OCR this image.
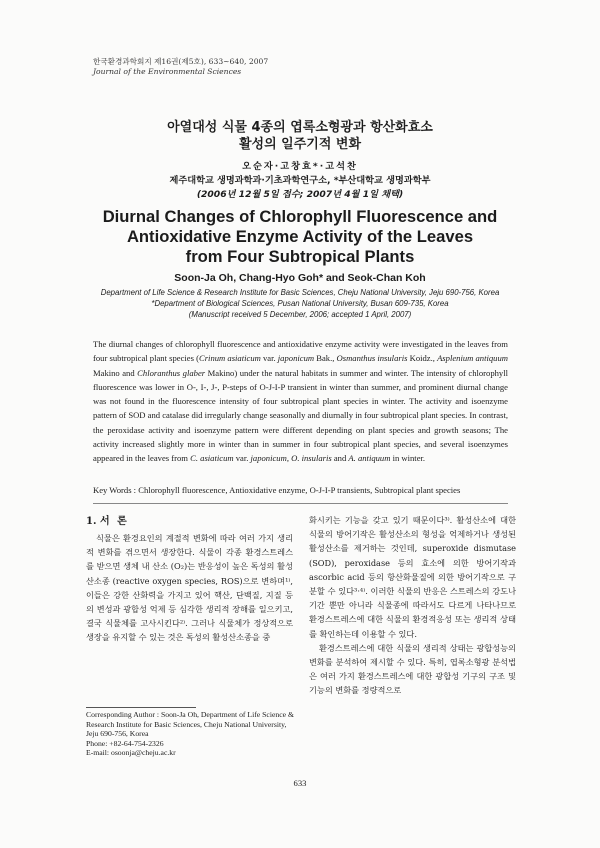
한국환경과학회지 제16권(제5호), 633~640, 2007
Journal of the Environmental Sciences
아열대성 식물 4종의 엽록소형광과 항산화효소
활성의 일주기적 변화
오순자·고창효*·고석찬
제주대학교 생명과학과·기초과학연구소, *부산대학교 생명과학부
(2006년 12월 5일 접수; 2007년 4월 1일 채택)
Diurnal Changes of Chlorophyll Fluorescence and
Antioxidative Enzyme Activity of the Leaves
from Four Subtropical Plants
Soon-Ja Oh, Chang-Hyo Goh* and Seok-Chan Koh
Department of Life Science & Research Institute for Basic Sciences, Cheju National University, Jeju 690-756, Korea
*Department of Biological Sciences, Pusan National University, Busan 609-735, Korea
(Manuscript received 5 December, 2006; accepted 1 April, 2007)
The diurnal changes of chlorophyll fluorescence and antioxidative enzyme activity were investigated in the leaves from four subtropical plant species (Crinum asiaticum var. japonicum Bak., Osmanthus insularis Koidz., Asplenium antiquum Makino and Chloranthus glaber Makino) under the natural habitats in summer and winter. The intensity of chlorophyll fluorescence was lower in O-, I-, J-, P-steps of O-J-I-P transient in winter than summer, and prominent diurnal change was not found in the fluorescence intensity of four subtropical plant species in winter. The activity and isoenzyme pattern of SOD and catalase did irregularly change seasonally and diurnally in four subtropical plant species. In contrast, the peroxidase activity and isoenzyme pattern were different depending on plant species and growth seasons; The activity increased slightly more in winter than in summer in four subtropical plant species, and several isoenzymes appeared in the leaves from C. asiaticum var. japonicum, O. insularis and A. antiquum in winter.
Key Words : Chlorophyll fluorescence, Antioxidative enzyme, O-J-I-P transients, Subtropical plant species
1. 서 론

식물은 환경요인의 계절적 변화에 따라 여러 가지 생리적 변화를 겪으면서 생장한다. 식물이 각종 환경스트레스를 받으면 생체 내 산소 (O₂)는 반응성이 높은 독성의 활성산소종 (reactive oxygen species, ROS)으로 변하며¹⁾, 이들은 강한 산화력을 가지고 있어 핵산, 단백질, 지질 등의 변성과 광합성 억제 등 심각한 생리적 장해를 일으키고, 결국 식물체를 고사시킨다²⁾. 그러나 식물체가 정상적으로 생장을 유지할 수 있는 것은 독성의 활성산소종을 중

화시키는 기능을 갖고 있기 때문이다³⁾. 활성산소에 대한 식물의 방어기작은 활성산소의 형성을 억제하거나 생성된 활성산소를 제거하는 것인데, superoxide dismutase (SOD), peroxidase 등의 효소에 의한 방어기작과 ascorbic acid 등의 항산화물질에 의한 방어기작으로 구분할 수 있다³·⁴⁾. 이러한 식물의 반응은 스트레스의 강도나 기간 뿐만 아니라 식물종에 따라서도 다르게 나타나므로 환경스트레스에 대한 식물의 환경적응성 또는 생리적 상태를 확인하는데 이용할 수 있다.

환경스트레스에 대한 식물의 생리적 상태는 광합성능의 변화를 분석하여 제시할 수 있다. 특히, 엽록소형광 분석법은 여러 가지 환경스트레스에 대한 광합성 기구의 구조 및 기능의 변화를 정량적으로

Corresponding Author : Soon-Ja Oh, Department of Life Science & Research Institute for Basic Sciences, Cheju National University, Jeju 690-756, Korea
Phone: +82-64-754-2326
E-mail: osoonja@cheju.ac.kr
633
